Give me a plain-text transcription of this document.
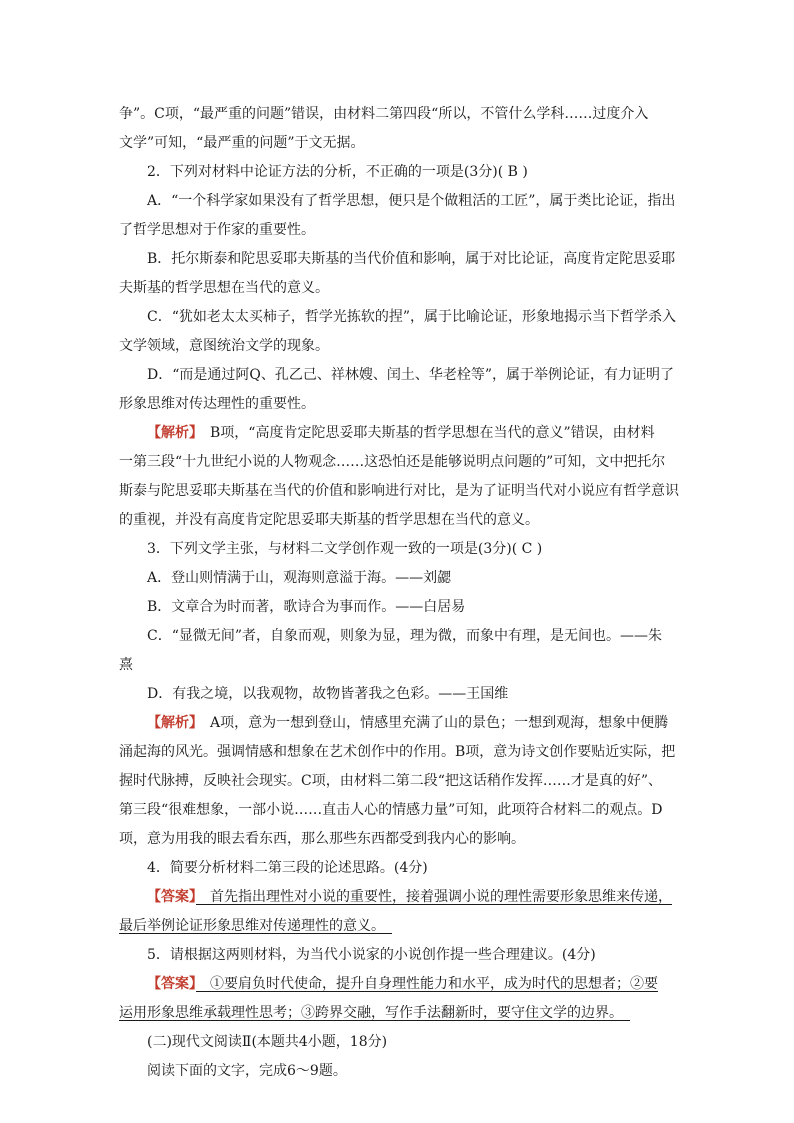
争”。C项，“最严重的问题”错误，由材料二第四段“所以，不管什么学科……过度介入
文学”可知，“最严重的问题”于文无据。
2．下列对材料中论证方法的分析，不正确的一项是(3分)( B )
A．“一个科学家如果没有了哲学思想，便只是个做粗活的工匠”，属于类比论证，指出
了哲学思想对于作家的重要性。
B．托尔斯泰和陀思妥耶夫斯基的当代价值和影响，属于对比论证，高度肯定陀思妥耶
夫斯基的哲学思想在当代的意义。
C．“犹如老太太买柿子，哲学光拣软的捏”，属于比喻论证，形象地揭示当下哲学杀入
文学领域，意图统治文学的现象。
D．“而是通过阿Q、孔乙己、祥林嫂、闰土、华老栓等”，属于举例论证，有力证明了
形象思维对传达理性的重要性。
【解析】　B项，“高度肯定陀思妥耶夫斯基的哲学思想在当代的意义”错误，由材料
一第三段“十九世纪小说的人物观念……这恐怕还是能够说明点问题的”可知，文中把托尔
斯泰与陀思妥耶夫斯基在当代的价值和影响进行对比，是为了证明当代对小说应有哲学意识
的重视，并没有高度肯定陀思妥耶夫斯基的哲学思想在当代的意义。
3．下列文学主张，与材料二文学创作观一致的一项是(3分)( C )
A．登山则情满于山，观海则意溢于海。——刘勰
B．文章合为时而著，歌诗合为事而作。——白居易
C．“显微无间”者，自象而观，则象为显，理为微，而象中有理，是无间也。——朱
熹
D．有我之境，以我观物，故物皆著我之色彩。——王国维
【解析】　A项，意为一想到登山，情感里充满了山的景色；一想到观海，想象中便腾
涌起海的风光。强调情感和想象在艺术创作中的作用。B项，意为诗文创作要贴近实际，把
握时代脉搏，反映社会现实。C项，由材料二第二段“把这话稍作发挥……才是真的好”、
第三段“很难想象，一部小说……直击人心的情感力量”可知，此项符合材料二的观点。D
项，意为用我的眼去看东西，那么那些东西都受到我内心的影响。
4．简要分析材料二第三段的论述思路。(4分)
【答案】　首先指出理性对小说的重要性，接着强调小说的理性需要形象思维来传递，
最后举例论证形象思维对传递理性的意义。　
5．请根据这两则材料，为当代小说家的小说创作提一些合理建议。(4分)
【答案】　①要肩负时代使命，提升自身理性能力和水平，成为时代的思想者；②要
运用形象思维承载理性思考；③跨界交融，写作手法翻新时，要守住文学的边界。　
(二)现代文阅读Ⅱ(本题共4小题，18分)
阅读下面的文字，完成6～9题。
